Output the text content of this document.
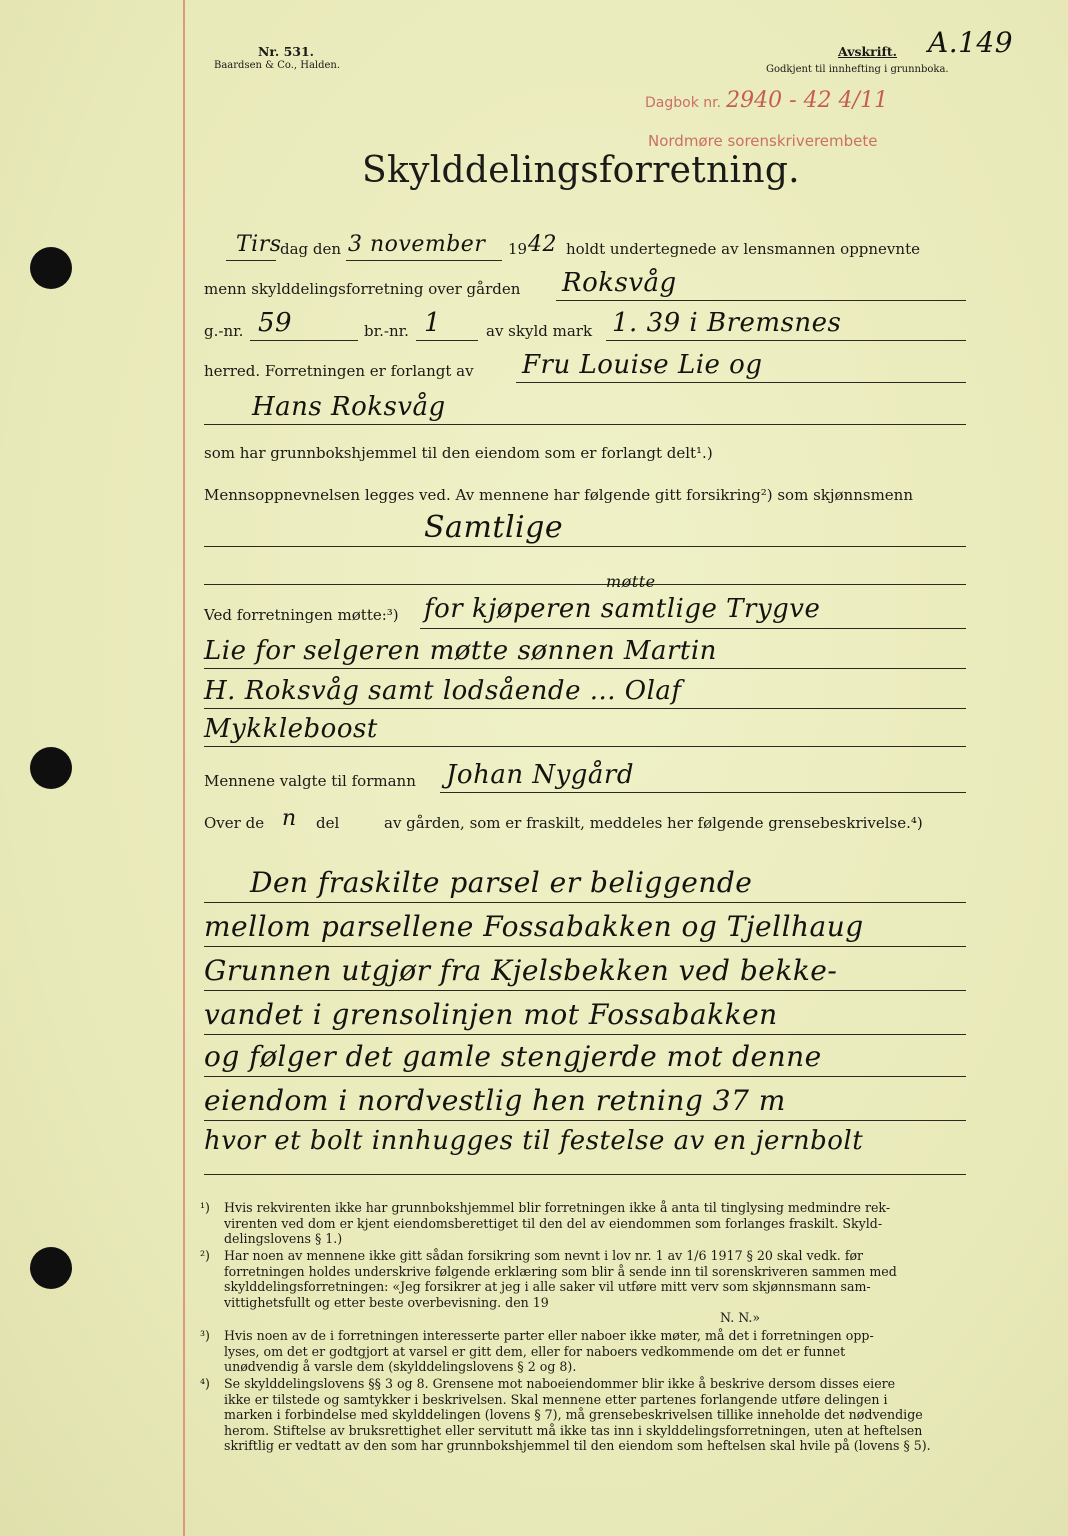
Nr. 531.
Baardsen & Co., Halden.
Avskrift.
Godkjent til innhefting i grunnboka.
A.149
Dagbok nr. 2940 - 42 4/11
Nordmøre sorenskriverembete
Skylddelingsforretning.
Tirs
dag den 3 november 19 42 holdt undertegnede av lensmannen oppnevnte
menn skylddelingsforretning over gården Roksvåg
g.-nr. 59	br.-nr. 1	av skyld mark 1. 39 i Bremsnes
herred. Forretningen er forlangt av Fru Louise Lie og
Hans Roksvåg
som har grunnbokshjemmel til den eiendom som er forlangt delt¹.)
Mennsoppnevnelsen legges ved. Av mennene har følgende gitt forsikring²) som skjønnsmenn
Samtlige
møtte
Ved forretningen møtte:³) for kjøperen samtlige Trygve
Lie for selgeren møtte sønnen Martin
H. Roksvåg samt lodsående ... Olaf
Mykkleboost
Mennene valgte til formann Johan Nygård
Over de n del	av gården, som er fraskilt, meddeles her følgende grensebeskrivelse.⁴)
Den fraskilte parsel er beliggende
mellom parsellene Fossabakken og Tjellhaug
Grunnen utgjør fra Kjelsbekken ved bekke-
vandet i grensolinjen mot Fossabakken
og følger det gamle stengjerde mot denne
eiendom i nordvestlig hen retning 37 m
hvor et bolt innhugges til festelse av en jernbolt
¹) Hvis rekvirenten ikke har grunnbokshjemmel blir forretningen ikke å anta til tinglysing medmindre rek-
virenten ved dom er kjent eiendomsberettiget til den del av eiendommen som forlanges fraskilt. Skyld-
delingslovens § 1.)
²) Har noen av mennene ikke gitt sådan forsikring som nevnt i lov nr. 1 av 1/6 1917 § 20 skal vedk. før
forretningen holdes underskrive følgende erklæring som blir å sende inn til sorenskriveren sammen med
skylddelingsforretningen: «Jeg forsikrer at jeg i alle saker vil utføre mitt verv som skjønnsmann sam-
vittighetsfullt og etter beste overbevisning. den 19
N. N.»
³) Hvis noen av de i forretningen interesserte parter eller naboer ikke møter, må det i forretningen opp-
lyses, om det er godtgjort at varsel er gitt dem, eller for naboers vedkommende om det er funnet
unødvendig å varsle dem (skylddelingslovens § 2 og 8).
⁴) Se skylddelingslovens §§ 3 og 8. Grensene mot naboeiendommer blir ikke å beskrive dersom disses eiere
ikke er tilstede og samtykker i beskrivelsen. Skal mennene etter partenes forlangende utføre delingen i
marken i forbindelse med skylddelingen (lovens § 7), må grensebeskrivelsen tillike inneholde det nødvendige
herom. Stiftelse av bruksrettighet eller servitutt må ikke tas inn i skylddelingsforretningen, uten at heftelsen
skriftlig er vedtatt av den som har grunnbokshjemmel til den eiendom som heftelsen skal hvile på (lovens § 5).
